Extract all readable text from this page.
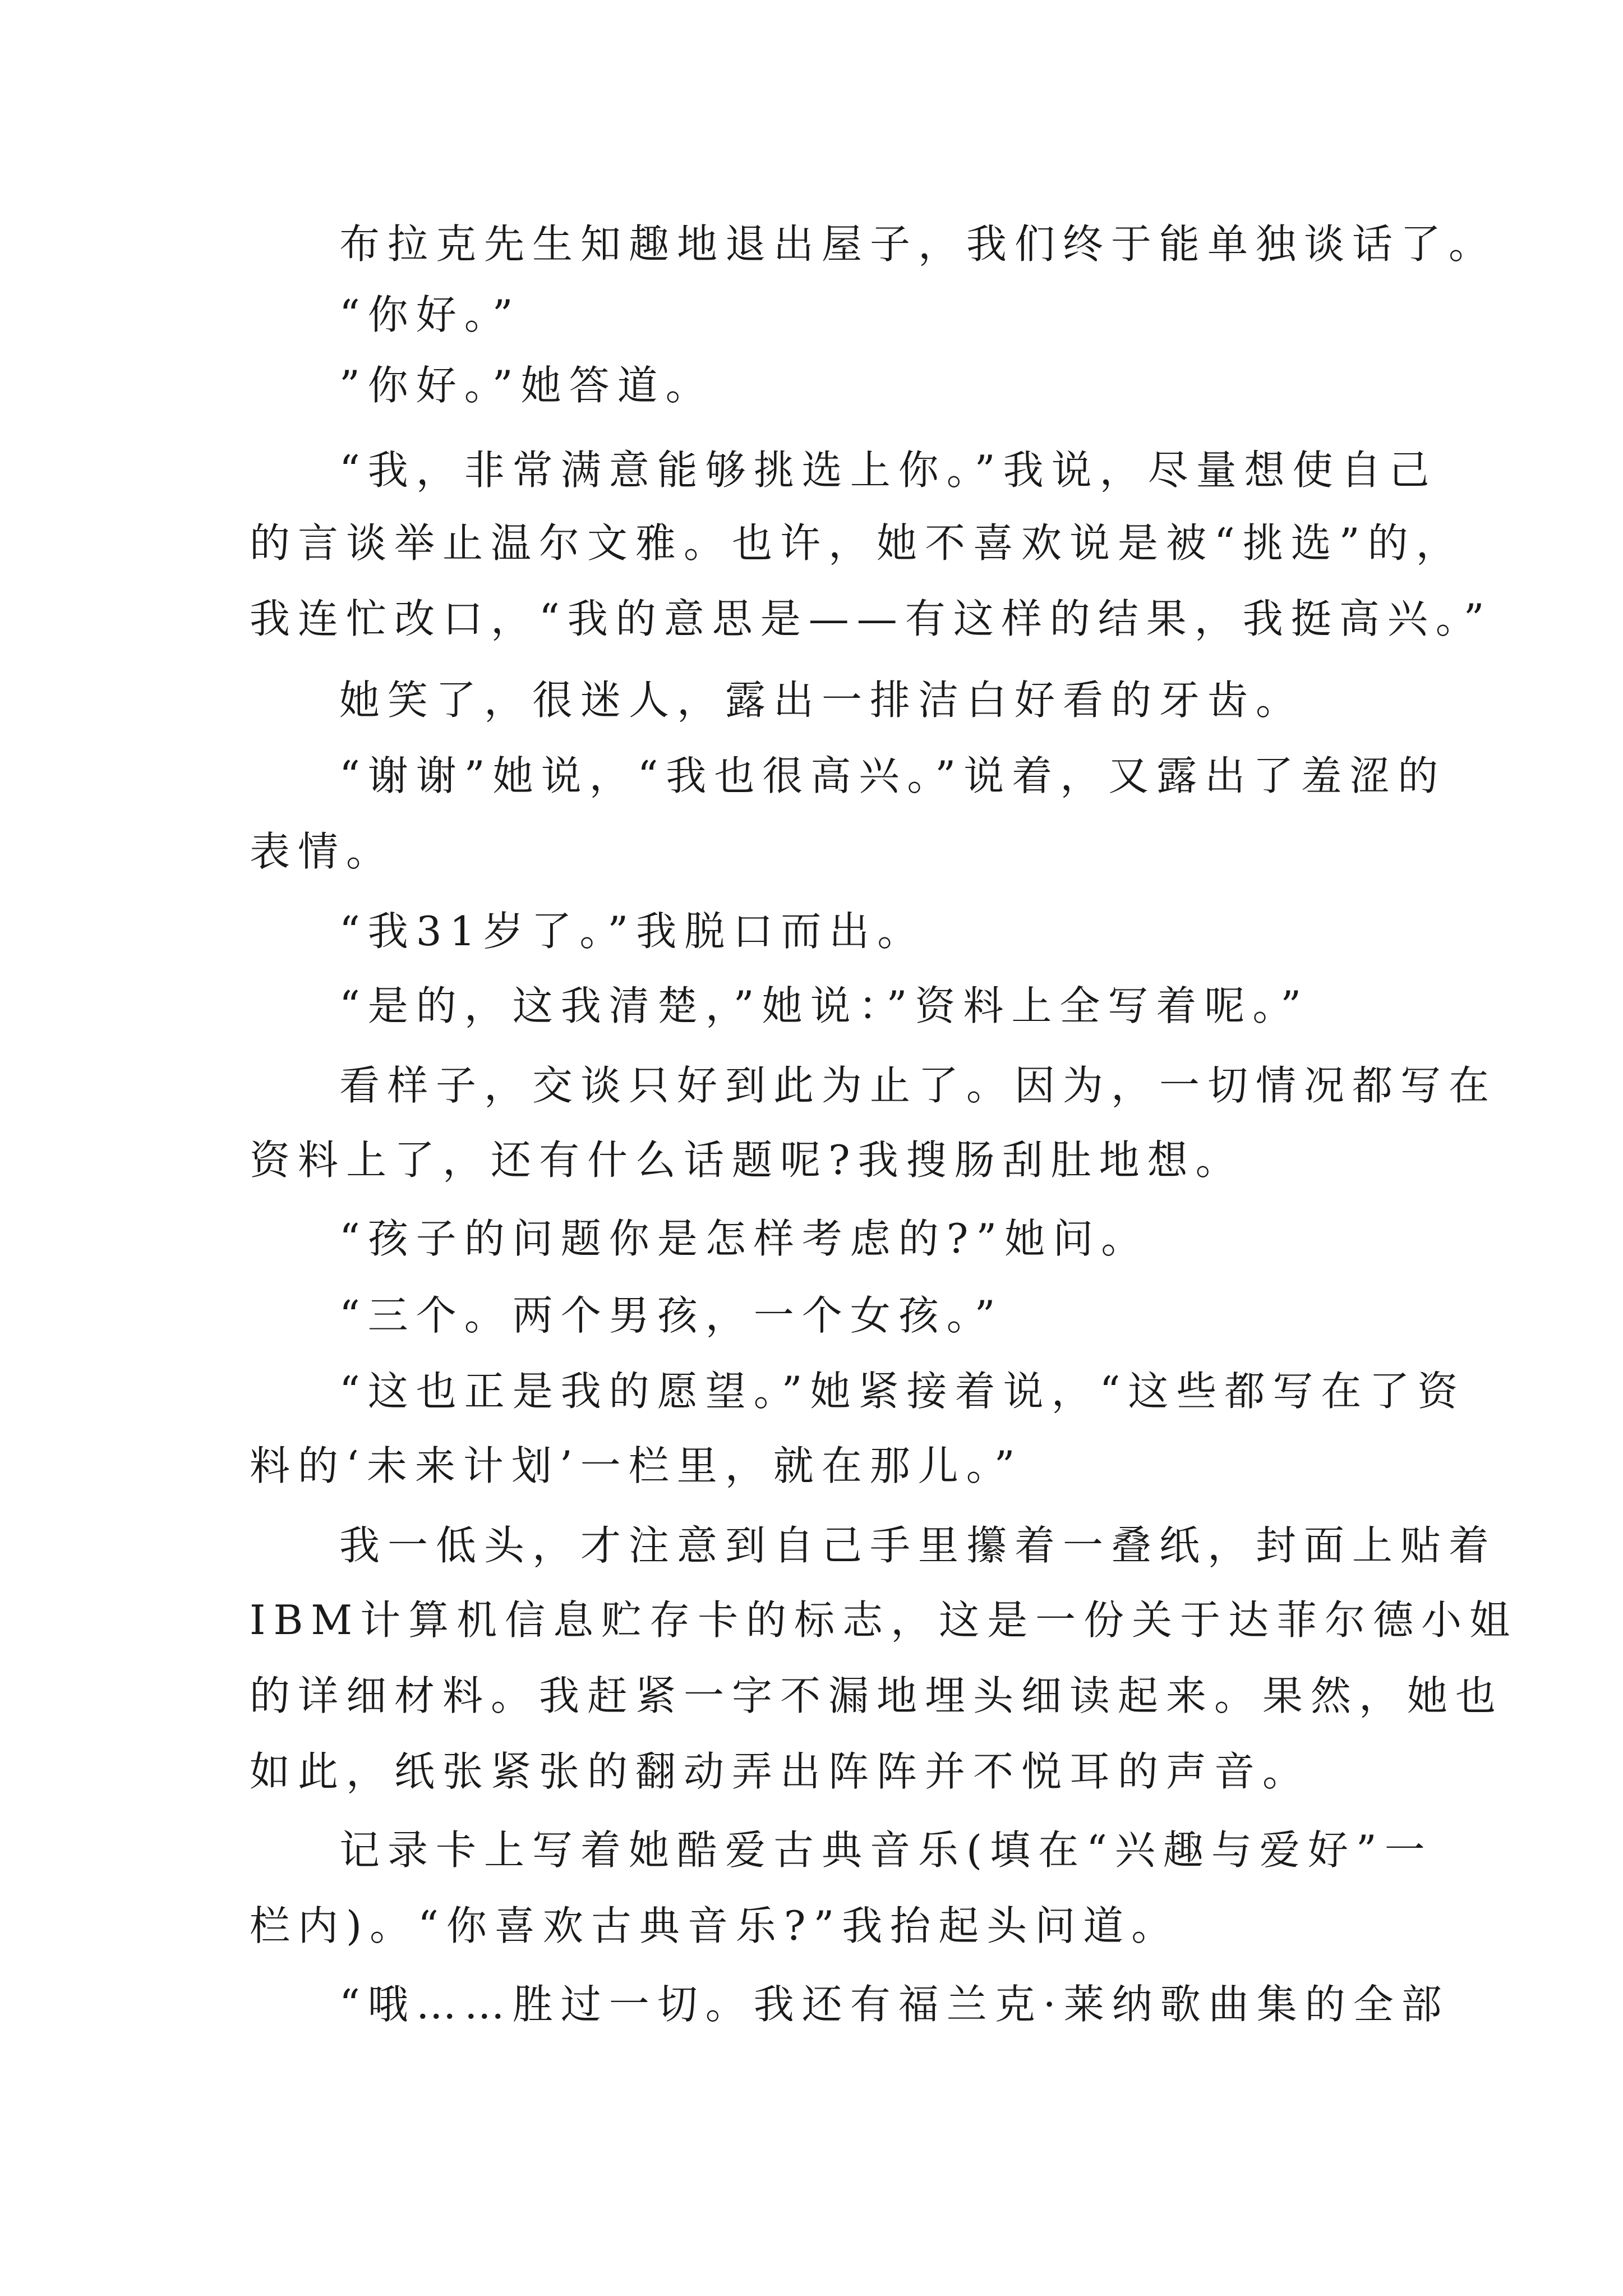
布拉克先生知趣地退出屋子，我们终于能单独谈话了。
“你好。”
”你好。”她答道。
“我，非常满意能够挑选上你。”我说，尽量想使自己
的言谈举止温尔文雅。也许，她不喜欢说是被“挑选”的，
我连忙改口，“我的意思是——有这样的结果，我挺高兴。”
她笑了，很迷人，露出一排洁白好看的牙齿。
“谢谢”她说，“我也很高兴。”说着，又露出了羞涩的
表情。
“我31岁了。”我脱口而出。
“是的，这我清楚，”她说：”资料上全写着呢。”
看样子，交谈只好到此为止了。因为，一切情况都写在
资料上了，还有什么话题呢?我搜肠刮肚地想。
“孩子的问题你是怎样考虑的?”她问。
“三个。两个男孩，一个女孩。”
“这也正是我的愿望。”她紧接着说，“这些都写在了资
料的‘未来计划’一栏里，就在那儿。”
我一低头，才注意到自己手里攥着一叠纸，封面上贴着
IBM计算机信息贮存卡的标志，这是一份关于达菲尔德小姐
的详细材料。我赶紧一字不漏地埋头细读起来。果然，她也
如此，纸张紧张的翻动弄出阵阵并不悦耳的声音。
记录卡上写着她酷爱古典音乐(填在“兴趣与爱好”一
栏内)。“你喜欢古典音乐?”我抬起头问道。
“哦……胜过一切。我还有福兰克·莱纳歌曲集的全部
